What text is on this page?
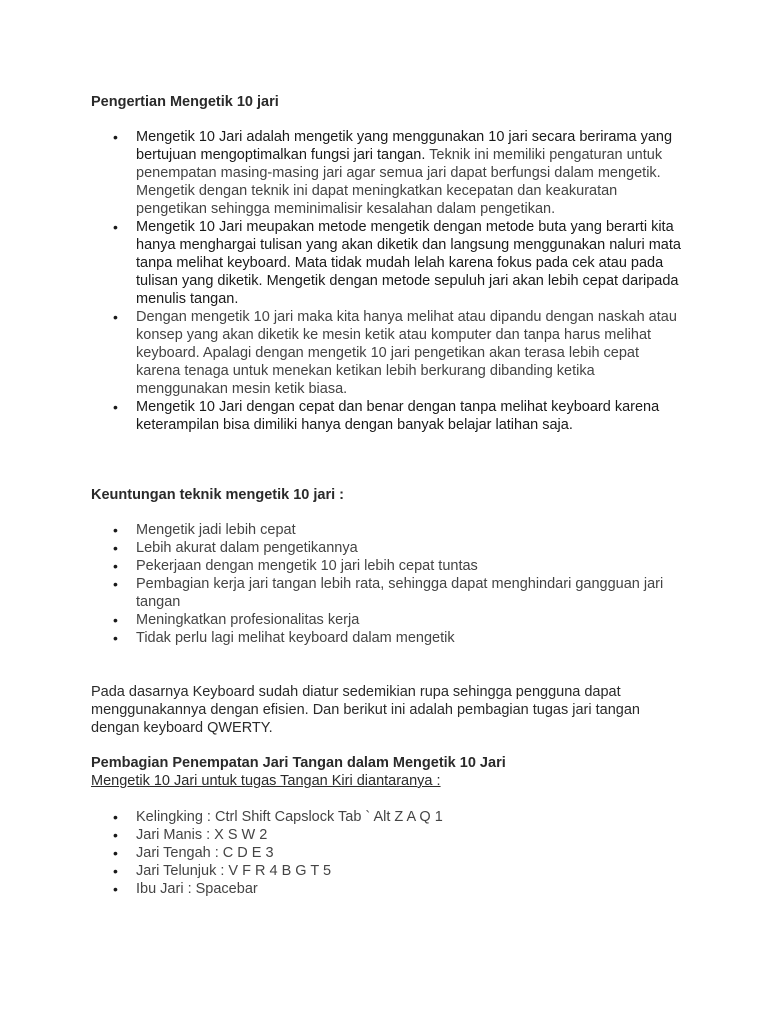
Pengertian Mengetik 10 jari
• Mengetik 10 Jari adalah mengetik yang menggunakan 10 jari secara berirama yang bertujuan mengoptimalkan fungsi jari tangan. Teknik ini memiliki pengaturan untuk penempatan masing-masing jari agar semua jari dapat berfungsi dalam mengetik. Mengetik dengan teknik ini dapat meningkatkan kecepatan dan keakuratan pengetikan sehingga meminimalisir kesalahan dalam pengetikan.
• Mengetik 10 Jari meupakan metode mengetik dengan metode buta yang berarti kita hanya menghargai tulisan yang akan diketik dan langsung menggunakan naluri mata tanpa melihat keyboard. Mata tidak mudah lelah karena fokus pada cek atau pada tulisan yang diketik. Mengetik dengan metode sepuluh jari akan lebih cepat daripada menulis tangan.
• Dengan mengetik 10 jari maka kita hanya melihat atau dipandu dengan naskah atau konsep yang akan diketik ke mesin ketik atau komputer dan tanpa harus melihat keyboard. Apalagi dengan mengetik 10 jari pengetikan akan terasa lebih cepat karena tenaga untuk menekan ketikan lebih berkurang dibanding ketika menggunakan mesin ketik biasa.
• Mengetik 10 Jari dengan cepat dan benar dengan tanpa melihat keyboard karena keterampilan bisa dimiliki hanya dengan banyak belajar latihan saja.
Keuntungan teknik mengetik 10 jari :
• Mengetik jadi lebih cepat
• Lebih akurat dalam pengetikannya
• Pekerjaan dengan mengetik 10 jari lebih cepat tuntas
• Pembagian kerja jari tangan lebih rata, sehingga dapat menghindari gangguan jari tangan
• Meningkatkan profesionalitas kerja
• Tidak perlu lagi melihat keyboard dalam mengetik

Pada dasarnya Keyboard sudah diatur sedemikian rupa sehingga pengguna dapat menggunakannya dengan efisien. Dan berikut ini adalah pembagian tugas jari tangan dengan keyboard QWERTY.

Pembagian Penempatan Jari Tangan dalam Mengetik 10 Jari

Mengetik 10 Jari untuk tugas Tangan Kiri diantaranya :

• Kelingking : Ctrl Shift Capslock Tab ` Alt Z A Q 1
• Jari Manis : X S W 2
• Jari Tengah : C D E 3
• Jari Telunjuk : V F R 4 B G T 5
• Ibu Jari : Spacebar
